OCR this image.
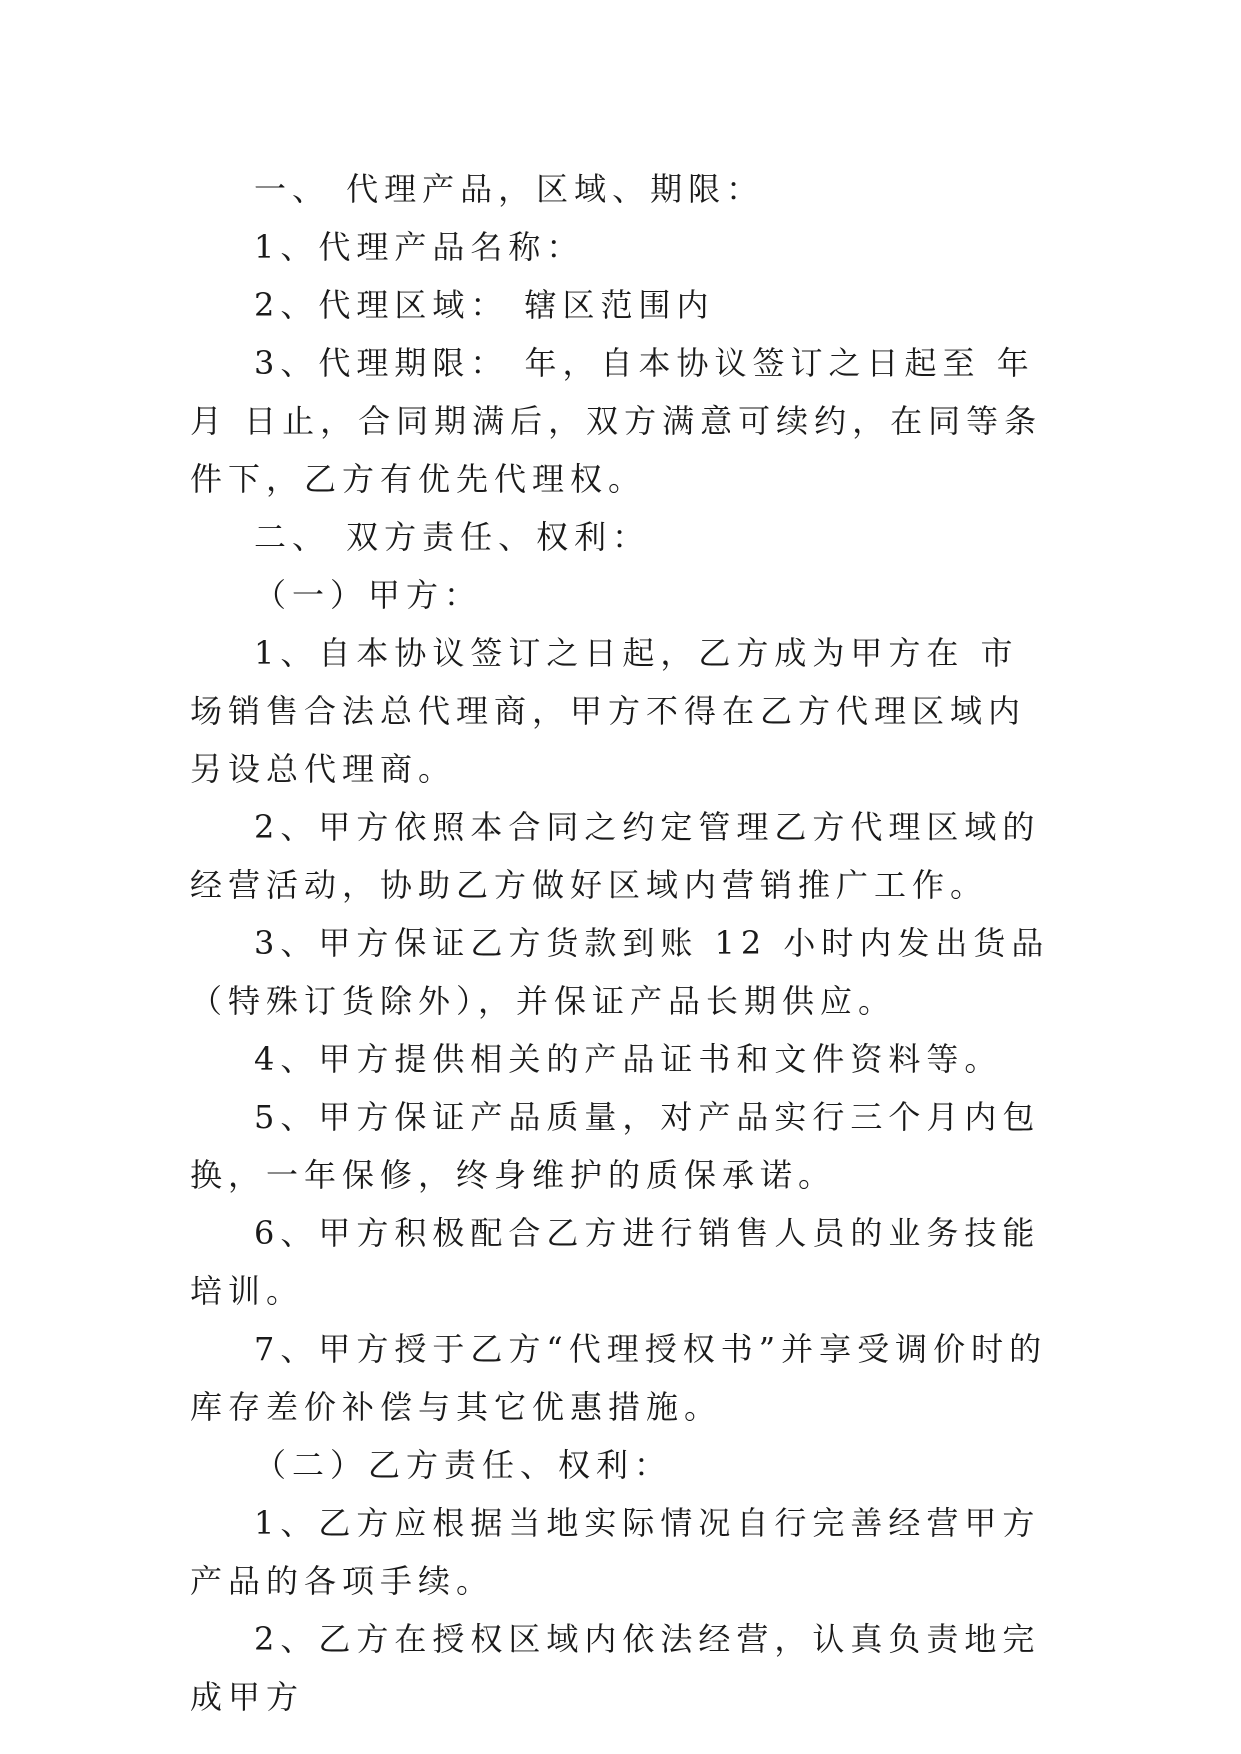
一、 代理产品，区域、期限：

1、代理产品名称：

2、代理区域： 辖区范围内

3、代理期限： 年，自本协议签订之日起至 年 月 日止，合同期满后，双方满意可续约，在同等条件下，乙方有优先代理权。

二、 双方责任、权利：

（一）甲方：

1、自本协议签订之日起，乙方成为甲方在 市场销售合法总代理商，甲方不得在乙方代理区域内另设总代理商。

2、甲方依照本合同之约定管理乙方代理区域的经营活动，协助乙方做好区域内营销推广工作。

3、甲方保证乙方货款到账 12 小时内发出货品（特殊订货除外），并保证产品长期供应。

4、甲方提供相关的产品证书和文件资料等。

5、甲方保证产品质量，对产品实行三个月内包换，一年保修，终身维护的质保承诺。

6、甲方积极配合乙方进行销售人员的业务技能培训。

7、甲方授于乙方“代理授权书”并享受调价时的库存差价补偿与其它优惠措施。

（二）乙方责任、权利：

1、乙方应根据当地实际情况自行完善经营甲方产品的各项手续。

2、乙方在授权区域内依法经营，认真负责地完成甲方
